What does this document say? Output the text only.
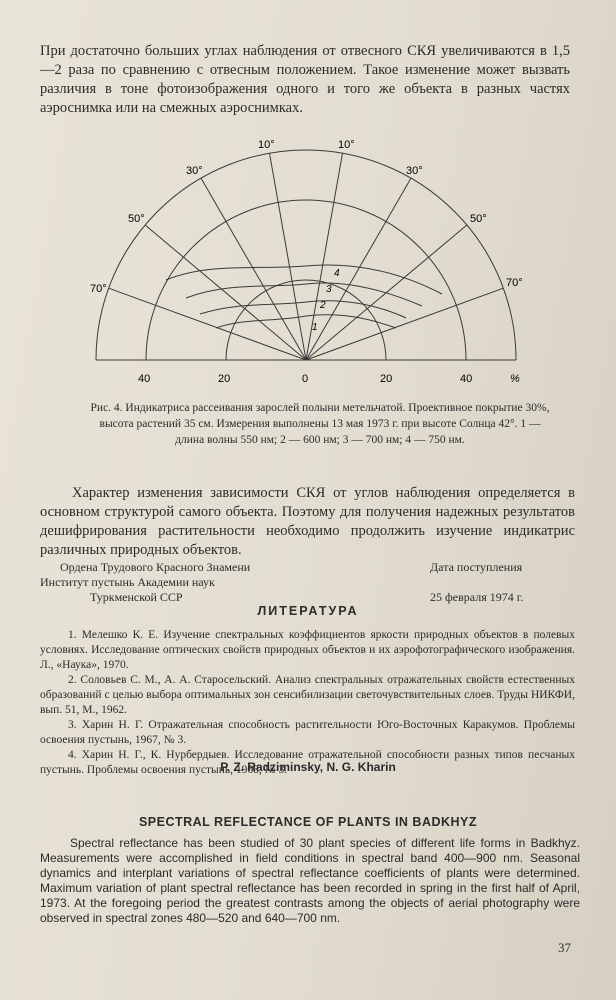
При достаточно больших углах наблюдения от отвесного СКЯ увеличиваются в 1,5—2 раза по сравнению с отвесным положением. Такое изменение может вызвать различия в тоне фотоизображения одного и того же объекта в разных частях аэроснимка или на смежных аэроснимках.

10°	10°
30°	30°
50°	50°
70°	70°
1
2
3
4
40	20	0	20	40	%
Рис. 4. Индикатриса рассеивания зарослей полыни метельчатой. Проективное покрытие 30%, высота растений 35 см. Измерения выполнены 13 мая 1973 г. при высоте Солнца 42°. 1 — длина волны 550 нм; 2 — 600 нм; 3 — 700 нм; 4 — 750 нм.

Характер изменения зависимости СКЯ от углов наблюдения определяется в основном структурой самого объекта. Поэтому для получения надежных результатов дешифрирования растительности необходимо продолжить изучение индикатрис различных природных объектов.

Ордена Трудового Красного Знамени
Институт пустынь Академии наук
Туркменской ССР
Дата поступления
25 февраля 1974 г.
ЛИТЕРАТУРА
1. Мелешко К. Е. Изучение спектральных коэффициентов яркости природных объектов в полевых условиях. Исследование оптических свойств природных объектов и их аэрофотографического изображения. Л., «Наука», 1970.
2. Соловьев С. М., А. А. Старосельский. Анализ спектральных отражательных свойств естественных образований с целью выбора оптимальных зон сенсибилизации светочувствительных слоев. Труды НИКФИ, вып. 51, М., 1962.
3. Харин Н. Г. Отражательная способность растительности Юго-Восточных Каракумов. Проблемы освоения пустынь, 1967, № 3.
4. Харин Н. Г., К. Нурбердыев. Исследование отражательной способности разных типов песчаных пустынь. Проблемы освоения пустынь, 1968, № 3.
P. Z. Radziminsky, N. G. Kharin
SPECTRAL REFLECTANCE OF PLANTS IN BADKHYZ

Spectral reflectance has been studied of 30 plant species of different life forms in Badkhyz. Measurements were accomplished in field conditions in spectral band 400—900 nm. Seasonal dynamics and interplant variations of spectral reflectance coefficients of plants were determined. Maximum variation of plant spectral reflectance has been recorded in spring in the first half of April, 1973. At the foregoing period the greatest contrasts among the objects of aerial photography were observed in spectral zones 480—520 and 640—700 nm.

37
